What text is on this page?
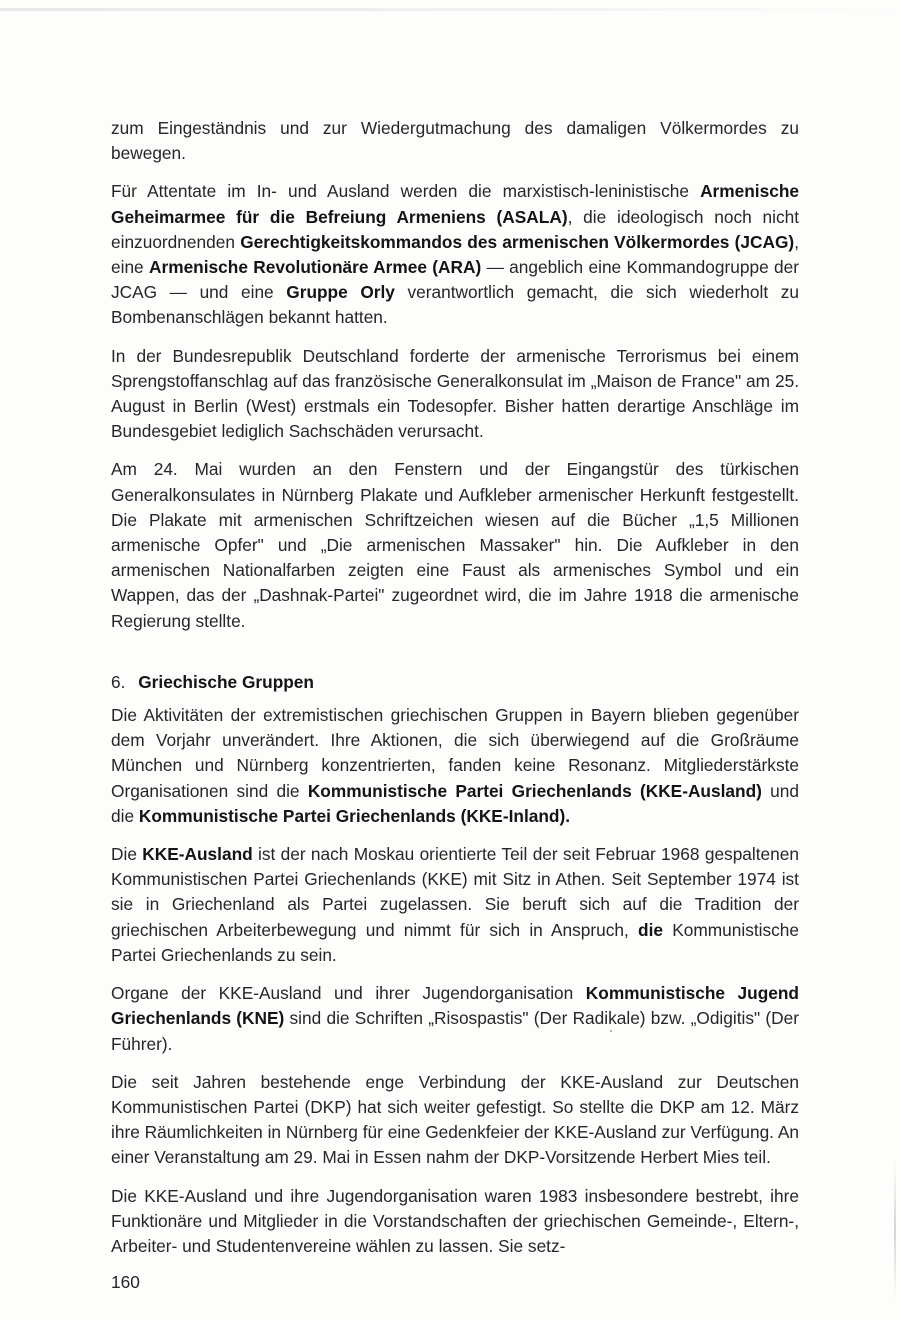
zum Eingeständnis und zur Wiedergutmachung des damaligen Völkermordes zu bewegen.

Für Attentate im In- und Ausland werden die marxistisch-leninistische Armenische Geheimarmee für die Befreiung Armeniens (ASALA), die ideologisch noch nicht einzuordnenden Gerechtigkeitskommandos des armenischen Völkermordes (JCAG), eine Armenische Revolutionäre Armee (ARA) — angeblich eine Kommandogruppe der JCAG — und eine Gruppe Orly verantwortlich gemacht, die sich wiederholt zu Bombenanschlägen bekannt hatten.

In der Bundesrepublik Deutschland forderte der armenische Terrorismus bei einem Sprengstoffanschlag auf das französische Generalkonsulat im „Maison de France" am 25. August in Berlin (West) erstmals ein Todesopfer. Bisher hatten derartige Anschläge im Bundesgebiet lediglich Sachschäden verursacht.

Am 24. Mai wurden an den Fenstern und der Eingangstür des türkischen Generalkonsulates in Nürnberg Plakate und Aufkleber armenischer Herkunft festgestellt. Die Plakate mit armenischen Schriftzeichen wiesen auf die Bücher „1,5 Millionen armenische Opfer" und „Die armenischen Massaker" hin. Die Aufkleber in den armenischen Nationalfarben zeigten eine Faust als armenisches Symbol und ein Wappen, das der „Dashnak-Partei" zugeordnet wird, die im Jahre 1918 die armenische Regierung stellte.

6. Griechische Gruppen

Die Aktivitäten der extremistischen griechischen Gruppen in Bayern blieben gegenüber dem Vorjahr unverändert. Ihre Aktionen, die sich überwiegend auf die Großräume München und Nürnberg konzentrierten, fanden keine Resonanz. Mitgliederstärkste Organisationen sind die Kommunistische Partei Griechenlands (KKE-Ausland) und die Kommunistische Partei Griechenlands (KKE-Inland).

Die KKE-Ausland ist der nach Moskau orientierte Teil der seit Februar 1968 gespaltenen Kommunistischen Partei Griechenlands (KKE) mit Sitz in Athen. Seit September 1974 ist sie in Griechenland als Partei zugelassen. Sie beruft sich auf die Tradition der griechischen Arbeiterbewegung und nimmt für sich in Anspruch, die Kommunistische Partei Griechenlands zu sein.

Organe der KKE-Ausland und ihrer Jugendorganisation Kommunistische Jugend Griechenlands (KNE) sind die Schriften „Risospastis" (Der Radikale) bzw. „Odigitis" (Der Führer).

Die seit Jahren bestehende enge Verbindung der KKE-Ausland zur Deutschen Kommunistischen Partei (DKP) hat sich weiter gefestigt. So stellte die DKP am 12. März ihre Räumlichkeiten in Nürnberg für eine Gedenkfeier der KKE-Ausland zur Verfügung. An einer Veranstaltung am 29. Mai in Essen nahm der DKP-Vorsitzende Herbert Mies teil.

Die KKE-Ausland und ihre Jugendorganisation waren 1983 insbesondere bestrebt, ihre Funktionäre und Mitglieder in die Vorstandschaften der griechischen Gemeinde-, Eltern-, Arbeiter- und Studentenvereine wählen zu lassen. Sie setz-

160
